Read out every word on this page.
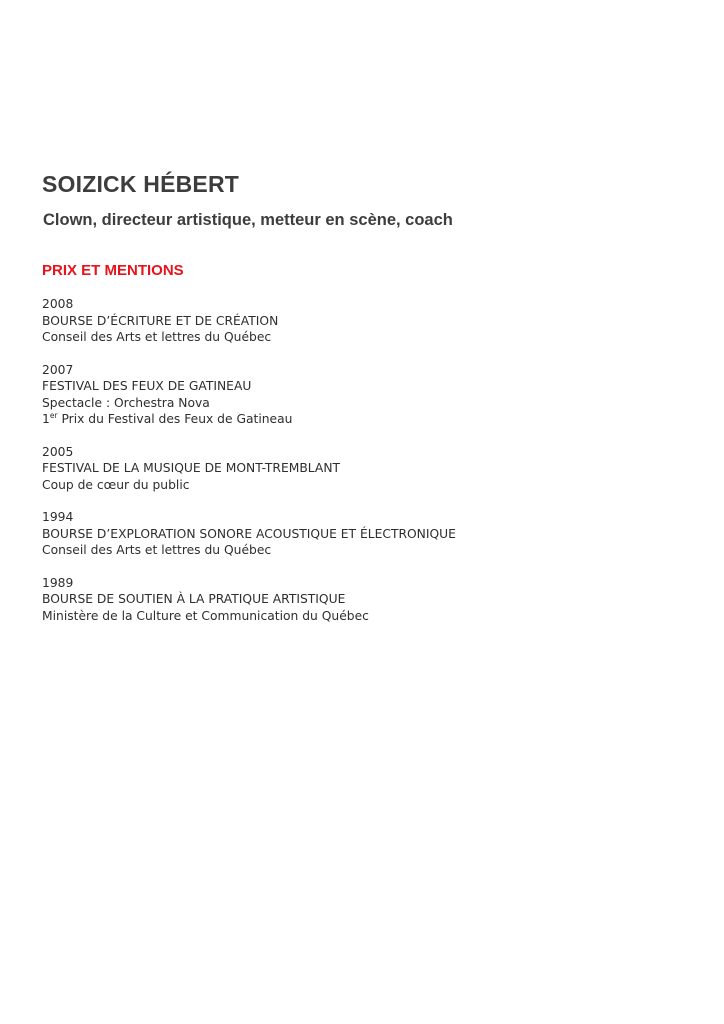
SOIZICK HÉBERT
Clown, directeur artistique, metteur en scène, coach
PRIX ET MENTIONS
2008
BOURSE D’ÉCRITURE ET DE CRÉATION
Conseil des Arts et lettres du Québec
2007
FESTIVAL DES FEUX DE GATINEAU
Spectacle : Orchestra Nova
1er Prix du Festival des Feux de Gatineau
2005
FESTIVAL DE LA MUSIQUE DE MONT-TREMBLANT
Coup de cœur du public
1994
BOURSE D’EXPLORATION SONORE ACOUSTIQUE ET ÉLECTRONIQUE
Conseil des Arts et lettres du Québec
1989
BOURSE DE SOUTIEN À LA PRATIQUE ARTISTIQUE
Ministère de la Culture et Communication du Québec
